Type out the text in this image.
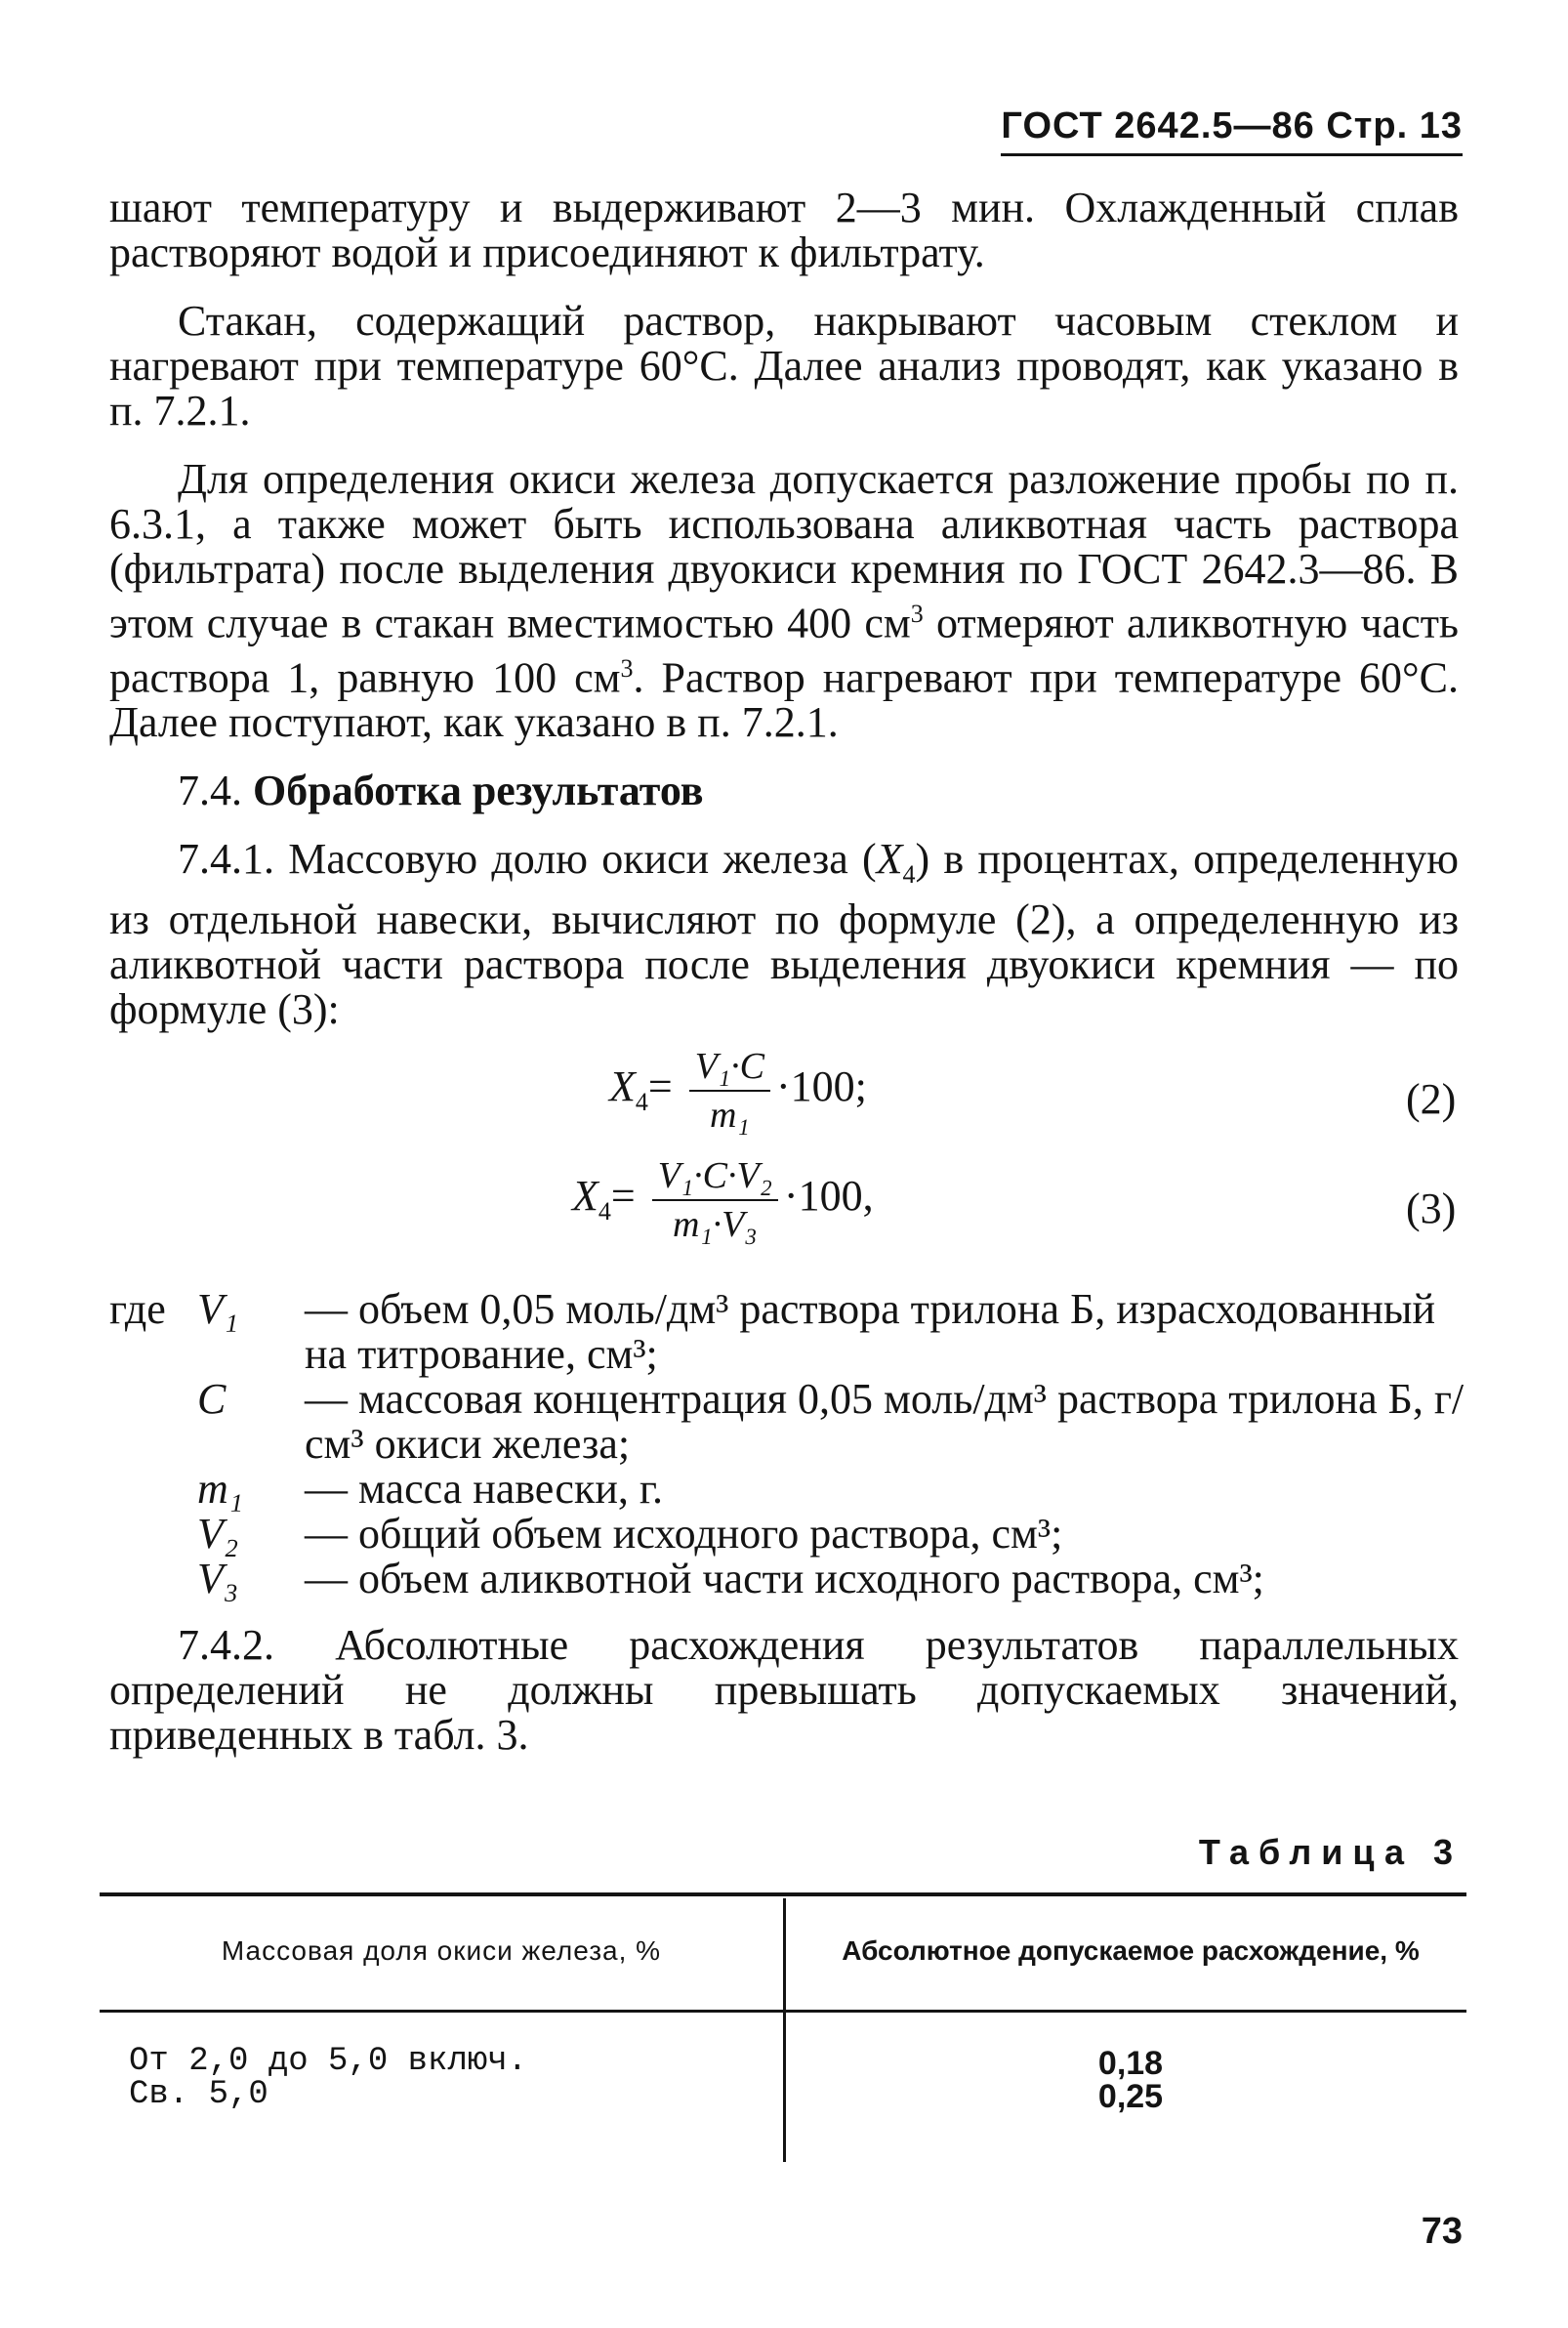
ГОСТ 2642.5—86 Стр. 13

шают температуру и выдерживают 2—3 мин. Охлажденный сплав растворяют водой и присоединяют к фильтрату.

Стакан, содержащий раствор, накрывают часовым стеклом и нагревают при температуре 60°С. Далее анализ проводят, как указано в п. 7.2.1.

Для определения окиси железа допускается разложение пробы по п. 6.3.1, а также может быть использована аликвотная часть раствора (фильтрата) после выделения двуокиси кремния по ГОСТ 2642.3—86. В этом случае в стакан вместимостью 400 $см^3$ отмеряют аликвотную часть раствора 1, равную 100 $см^3$. Раствор нагревают при температуре 60°С. Далее поступают, как указано в п. 7.2.1.

7.4. Обработка результатов

7.4.1. Массовую долю окиси железа $(X_4)$ в процентах, определенную из отдельной навески, вычисляют по формуле (2), а определенную из аликвотной части раствора после выделения двуокиси кремния — по формуле (3):

$X_4= \frac{\text{V₁·C}}{\text{m₁}} \cdot 100$;	(2)
$X_4= \frac{\text{V₁·C·V₂}}{\text{m₁·V₃}} \cdot 100$,	(3)
где V₁	— объем 0,05 моль/дм³ раствора трилона Б, израсходованный на титрование, см³;
C	— массовая концентрация 0,05 моль/дм³ раствора трилона Б, г/см³ окиси железа;
m₁	— масса навески, г.
V₂	— общий объем исходного раствора, см³;
V₃	— объем аликвотной части исходного раствора, см³;

7.4.2. Абсолютные расхождения результатов параллельных определений не должны превышать допускаемых значений, приведенных в табл. 3.

Таблица 3
Массовая доля окиси железа, %	Абсолютное допускаемое расхождение, %
От 2,0 до 5,0 включ.	0,18
Св. 5,0	0,25
73
